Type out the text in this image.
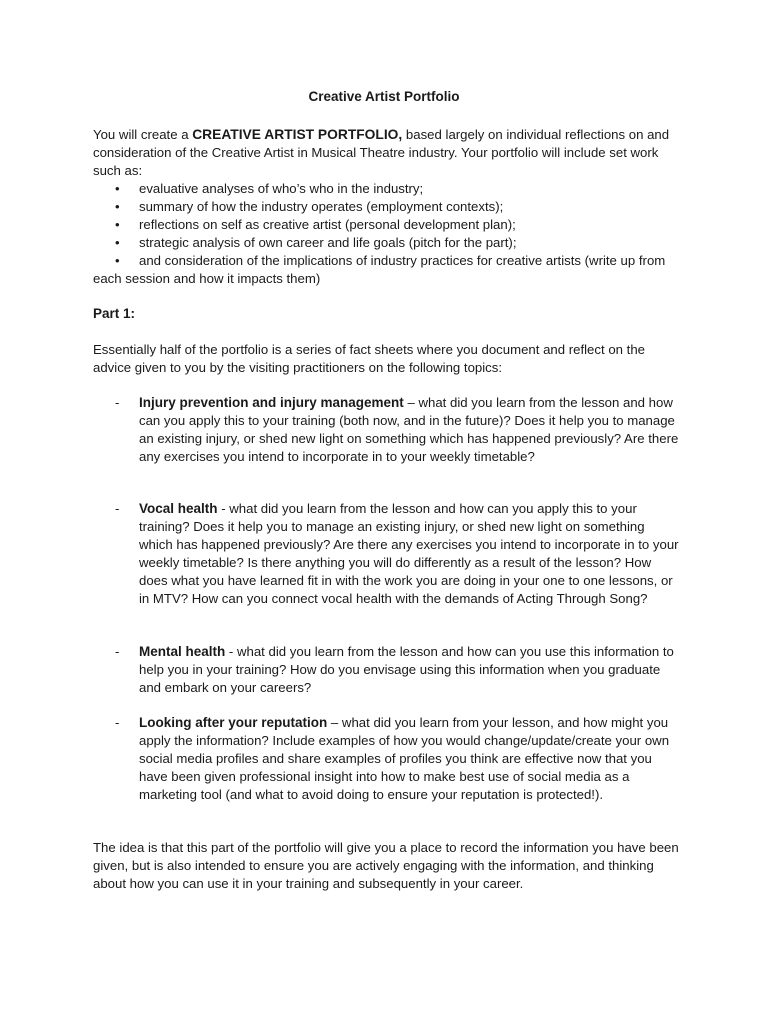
Creative Artist Portfolio

You will create a CREATIVE ARTIST PORTFOLIO, based largely on individual reflections on and consideration of the Creative Artist in Musical Theatre industry. Your portfolio will include set work such as:

• evaluative analyses of who’s who in the industry;
• summary of how the industry operates (employment contexts);
• reflections on self as creative artist (personal development plan);
• strategic analysis of own career and life goals (pitch for the part);
• and consideration of the implications of industry practices for creative artists (write up from each session and how it impacts them)
Part 1:

Essentially half of the portfolio is a series of fact sheets where you document and reflect on the advice given to you by the visiting practitioners on the following topics:

- Injury prevention and injury management – what did you learn from the lesson and how can you apply this to your training (both now, and in the future)? Does it help you to manage an existing injury, or shed new light on something which has happened previously? Are there any exercises you intend to incorporate in to your weekly timetable?
- Vocal health - what did you learn from the lesson and how can you apply this to your training? Does it help you to manage an existing injury, or shed new light on something which has happened previously? Are there any exercises you intend to incorporate in to your weekly timetable? Is there anything you will do differently as a result of the lesson? How does what you have learned fit in with the work you are doing in your one to one lessons, or in MTV? How can you connect vocal health with the demands of Acting Through Song?
- Mental health - what did you learn from the lesson and how can you use this information to help you in your training? How do you envisage using this information when you graduate and embark on your careers?
- Looking after your reputation – what did you learn from your lesson, and how might you apply the information? Include examples of how you would change/update/create your own social media profiles and share examples of profiles you think are effective now that you have been given professional insight into how to make best use of social media as a marketing tool (and what to avoid doing to ensure your reputation is protected!).

The idea is that this part of the portfolio will give you a place to record the information you have been given, but is also intended to ensure you are actively engaging with the information, and thinking about how you can use it in your training and subsequently in your career.
